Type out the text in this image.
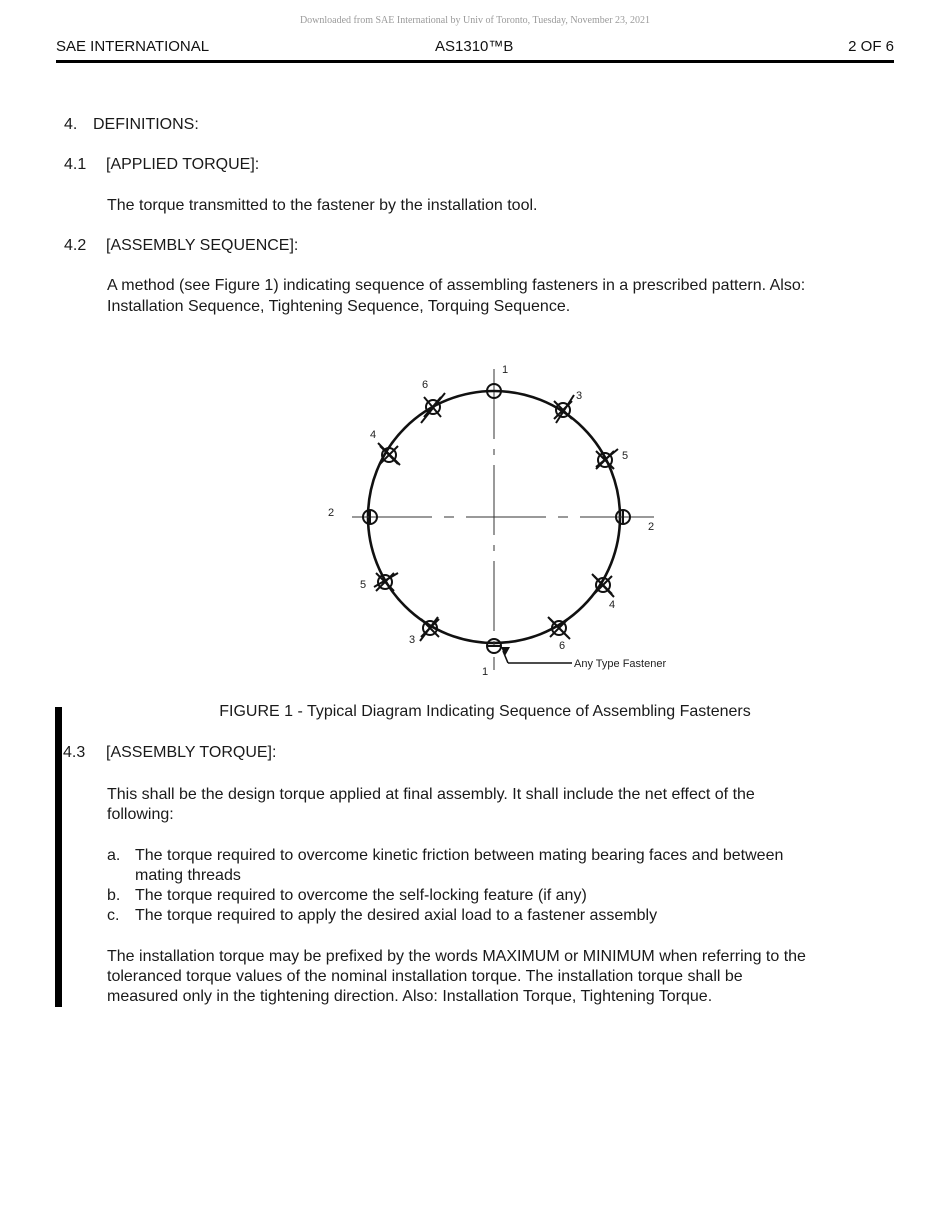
Downloaded from SAE International by Univ of Toronto, Tuesday, November 23, 2021
SAE INTERNATIONAL	AS1310™B	2 OF 6
4. DEFINITIONS:
4.1 [APPLIED TORQUE]:
The torque transmitted to the fastener by the installation tool.
4.2 [ASSEMBLY SEQUENCE]:
A method (see Figure 1) indicating sequence of assembling fasteners in a prescribed pattern. Also:
Installation Sequence, Tightening Sequence, Torquing Sequence.
1
1
2
2
6
3
4
5
5
4
3	6
Any Type Fastener
FIGURE 1 - Typical Diagram Indicating Sequence of Assembling Fasteners
4.3 [ASSEMBLY TORQUE]:
This shall be the design torque applied at final assembly. It shall include the net effect of the
following:
a. The torque required to overcome kinetic friction between mating bearing faces and between
mating threads
b. The torque required to overcome the self-locking feature (if any)
c. The torque required to apply the desired axial load to a fastener assembly
The installation torque may be prefixed by the words MAXIMUM or MINIMUM when referring to the
toleranced torque values of the nominal installation torque. The installation torque shall be
measured only in the tightening direction. Also: Installation Torque, Tightening Torque.
